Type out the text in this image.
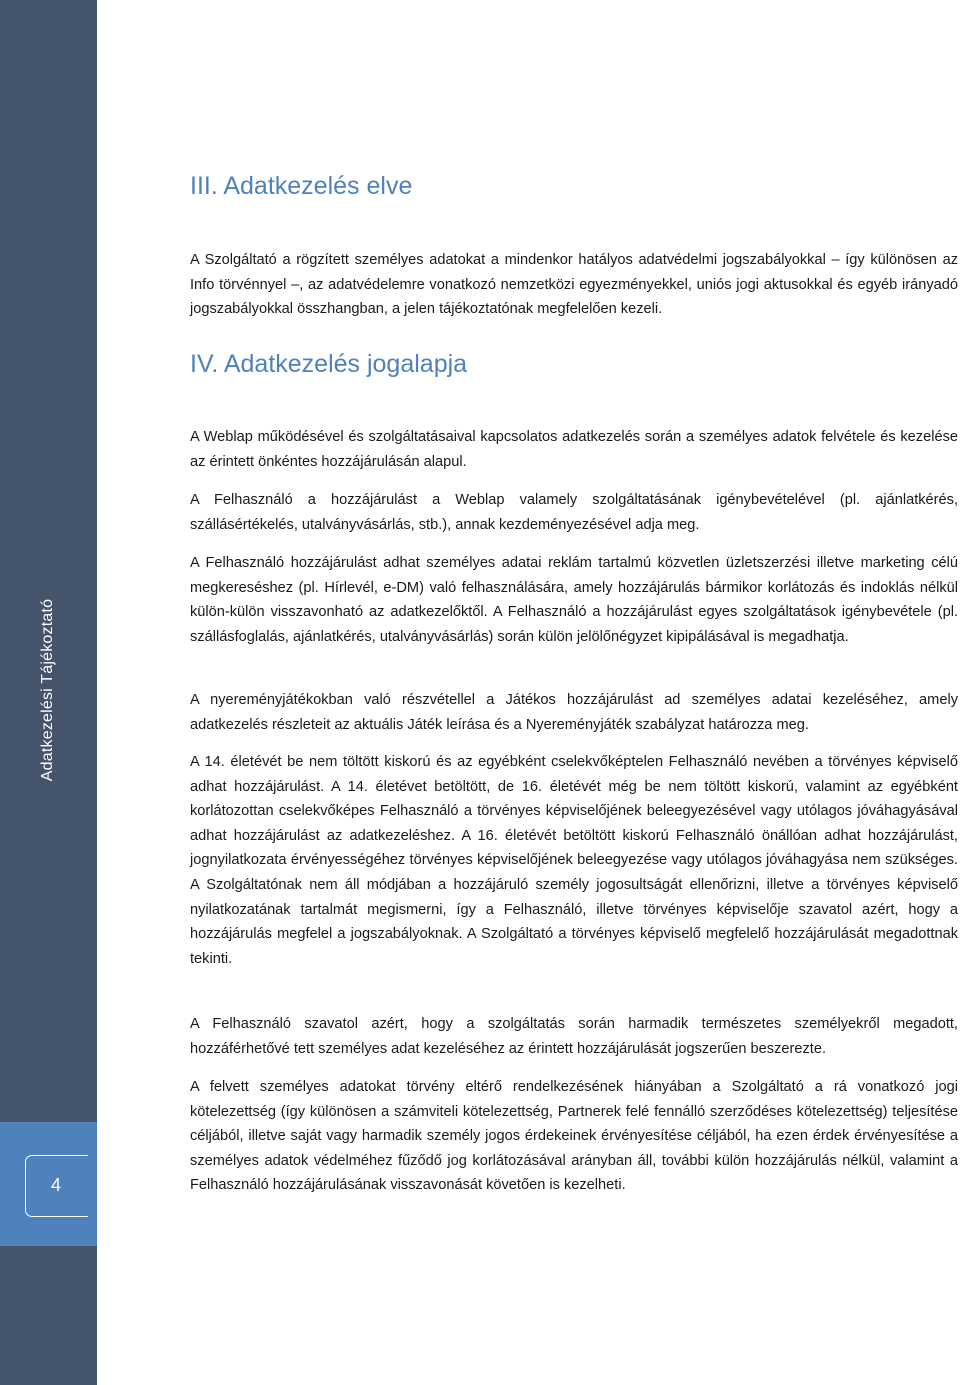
Adatkezelési Tájékoztató
4
III. Adatkezelés elve

A Szolgáltató a rögzített személyes adatokat a mindenkor hatályos adatvédelmi jogszabályokkal – így különösen az Info törvénnyel –, az adatvédelemre vonatkozó nemzetközi egyezményekkel, uniós jogi aktusokkal és egyéb irányadó jogszabályokkal összhangban, a jelen tájékoztatónak megfelelően kezeli.

IV. Adatkezelés jogalapja

A Weblap működésével és szolgáltatásaival kapcsolatos adatkezelés során a személyes adatok felvétele és kezelése az érintett önkéntes hozzájárulásán alapul.

A Felhasználó a hozzájárulást a Weblap valamely szolgáltatásának igénybevételével (pl. ajánlatkérés, szállásértékelés, utalványvásárlás, stb.), annak kezdeményezésével adja meg.

A Felhasználó hozzájárulást adhat személyes adatai reklám tartalmú közvetlen üzletszerzési illetve marketing célú megkereséshez (pl. Hírlevél, e-DM) való felhasználására, amely hozzájárulás bármikor korlátozás és indoklás nélkül külön-külön visszavonható az adatkezelőktől. A Felhasználó a hozzájárulást egyes szolgáltatások igénybevétele (pl. szállásfoglalás, ajánlatkérés, utalványvásárlás) során külön jelölőnégyzet kipipálásával is megadhatja.

A nyereményjátékokban való részvétellel a Játékos hozzájárulást ad személyes adatai kezeléséhez, amely adatkezelés részleteit az aktuális Játék leírása és a Nyereményjáték szabályzat határozza meg.

A 14. életévét be nem töltött kiskorú és az egyébként cselekvőképtelen Felhasználó nevében a törvényes képviselő adhat hozzájárulást. A 14. életévet betöltött, de 16. életévét még be nem töltött kiskorú, valamint az egyébként korlátozottan cselekvőképes Felhasználó a törvényes képviselőjének beleegyezésével vagy utólagos jóváhagyásával adhat hozzájárulást az adatkezeléshez. A 16. életévét betöltött kiskorú Felhasználó önállóan adhat hozzájárulást, jognyilatkozata érvényességéhez törvényes képviselőjének beleegyezése vagy utólagos jóváhagyása nem szükséges. A Szolgáltatónak nem áll módjában a hozzájáruló személy jogosultságát ellenőrizni, illetve a törvényes képviselő nyilatkozatának tartalmát megismerni, így a Felhasználó, illetve törvényes képviselője szavatol azért, hogy a hozzájárulás megfelel a jogszabályoknak. A Szolgáltató a törvényes képviselő megfelelő hozzájárulását megadottnak tekinti.

A Felhasználó szavatol azért, hogy a szolgáltatás során harmadik természetes személyekről megadott, hozzáférhetővé tett személyes adat kezeléséhez az érintett hozzájárulását jogszerűen beszerezte.

A felvett személyes adatokat törvény eltérő rendelkezésének hiányában a Szolgáltató a rá vonatkozó jogi kötelezettség (így különösen a számviteli kötelezettség, Partnerek felé fennálló szerződéses kötelezettség) teljesítése céljából, illetve saját vagy harmadik személy jogos érdekeinek érvényesítése céljából, ha ezen érdek érvényesítése a személyes adatok védelméhez fűződő jog korlátozásával arányban áll, további külön hozzájárulás nélkül, valamint a Felhasználó hozzájárulásának visszavonását követően is kezelheti.
